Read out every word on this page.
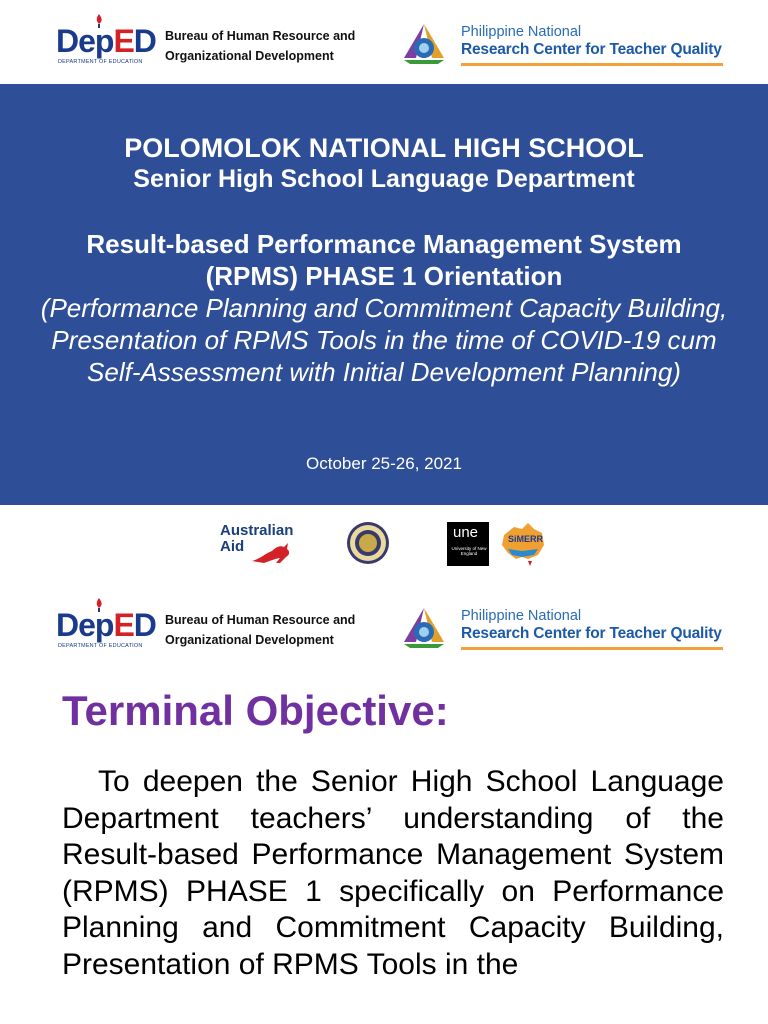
DepED
DEPARTMENT OF EDUCATION
Bureau of Human Resource and
Organizational Development
Philippine National
Research Center for Teacher Quality
POLOMOLOK NATIONAL HIGH SCHOOL
Senior High School Language Department
Result-based Performance Management System (RPMS) PHASE 1 Orientation
(Performance Planning and Commitment Capacity Building, Presentation of RPMS Tools in the time of COVID-19 cum Self-Assessment with Initial Development Planning)
October 25-26, 2021
Australian
Aid
une
University of New England
SiMERR
DepED
DEPARTMENT OF EDUCATION
Bureau of Human Resource and
Organizational Development
Philippine National
Research Center for Teacher Quality
Terminal Objective:
To deepen the Senior High School Language Department teachers’ understanding of the Result-based Performance Management System (RPMS) PHASE 1 specifically on Performance Planning and Commitment Capacity Building, Presentation of RPMS Tools in the
